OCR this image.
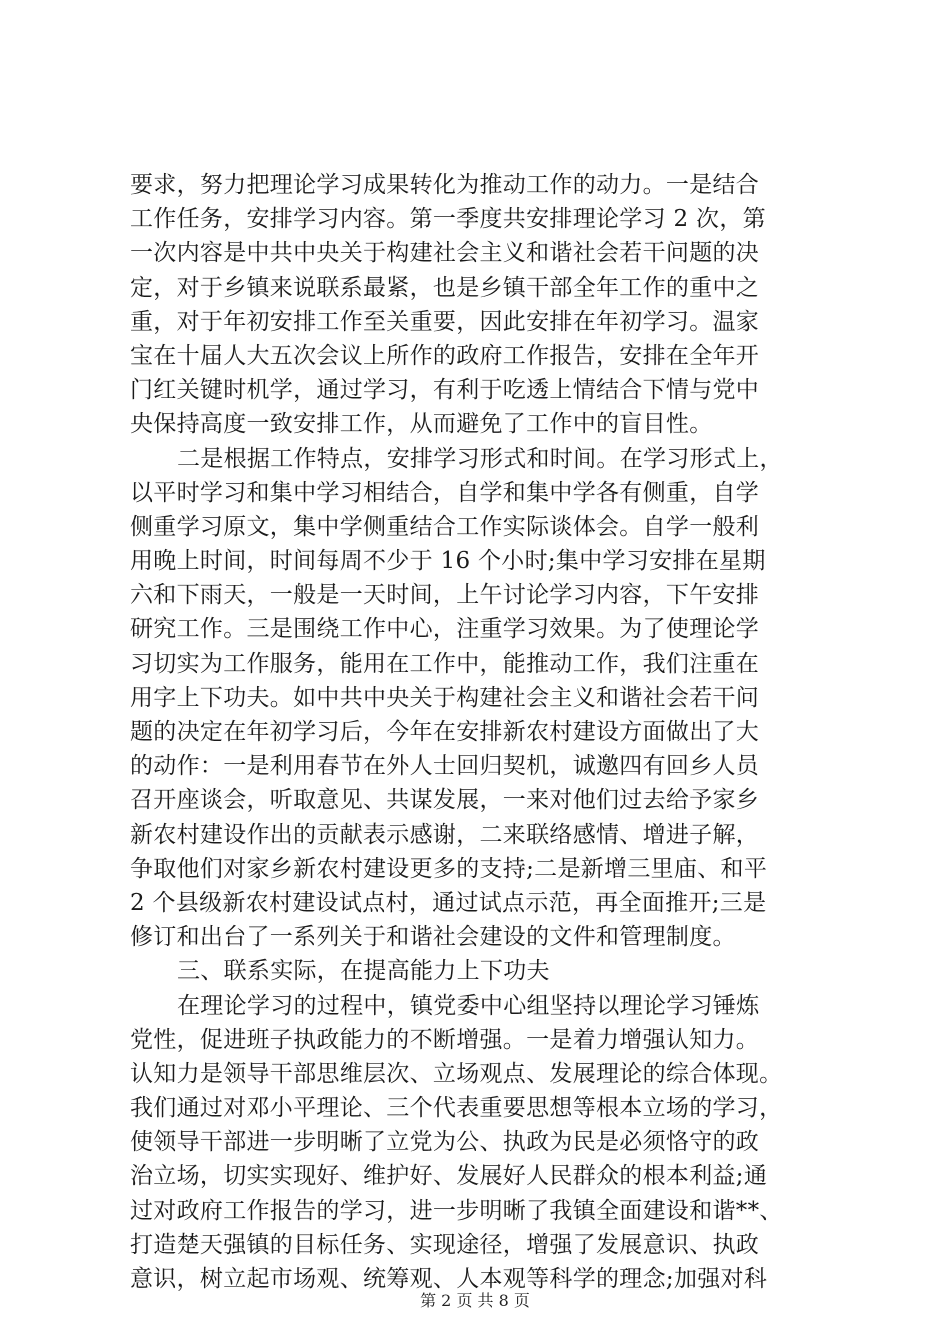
要求，努力把理论学习成果转化为推动工作的动力。一是结合
工作任务，安排学习内容。第一季度共安排理论学习 2 次，第
一次内容是中共中央关于构建社会主义和谐社会若干问题的决
定，对于乡镇来说联系最紧，也是乡镇干部全年工作的重中之
重，对于年初安排工作至关重要，因此安排在年初学习。温家
宝在十届人大五次会议上所作的政府工作报告，安排在全年开
门红关键时机学，通过学习，有利于吃透上情结合下情与党中
央保持高度一致安排工作，从而避免了工作中的盲目性。
二是根据工作特点，安排学习形式和时间。在学习形式上，
以平时学习和集中学习相结合，自学和集中学各有侧重，自学
侧重学习原文，集中学侧重结合工作实际谈体会。自学一般利
用晚上时间，时间每周不少于 16 个小时;集中学习安排在星期
六和下雨天，一般是一天时间，上午讨论学习内容，下午安排
研究工作。三是围绕工作中心，注重学习效果。为了使理论学
习切实为工作服务，能用在工作中，能推动工作，我们注重在
用字上下功夫。如中共中央关于构建社会主义和谐社会若干问
题的决定在年初学习后，今年在安排新农村建设方面做出了大
的动作：一是利用春节在外人士回归契机，诚邀四有回乡人员
召开座谈会，听取意见、共谋发展，一来对他们过去给予家乡
新农村建设作出的贡献表示感谢，二来联络感情、增进子解，
争取他们对家乡新农村建设更多的支持;二是新增三里庙、和平
2 个县级新农村建设试点村，通过试点示范，再全面推开;三是
修订和出台了一系列关于和谐社会建设的文件和管理制度。
三、联系实际，在提高能力上下功夫
在理论学习的过程中，镇党委中心组坚持以理论学习锤炼
党性，促进班子执政能力的不断增强。一是着力增强认知力。
认知力是领导干部思维层次、立场观点、发展理论的综合体现。
我们通过对邓小平理论、三个代表重要思想等根本立场的学习，
使领导干部进一步明晰了立党为公、执政为民是必须恪守的政
治立场，切实实现好、维护好、发展好人民群众的根本利益;通
过对政府工作报告的学习，进一步明晰了我镇全面建设和谐**、
打造楚天强镇的目标任务、实现途径，增强了发展意识、执政
意识，树立起市场观、统筹观、人本观等科学的理念;加强对科
第 2 页 共 8 页
